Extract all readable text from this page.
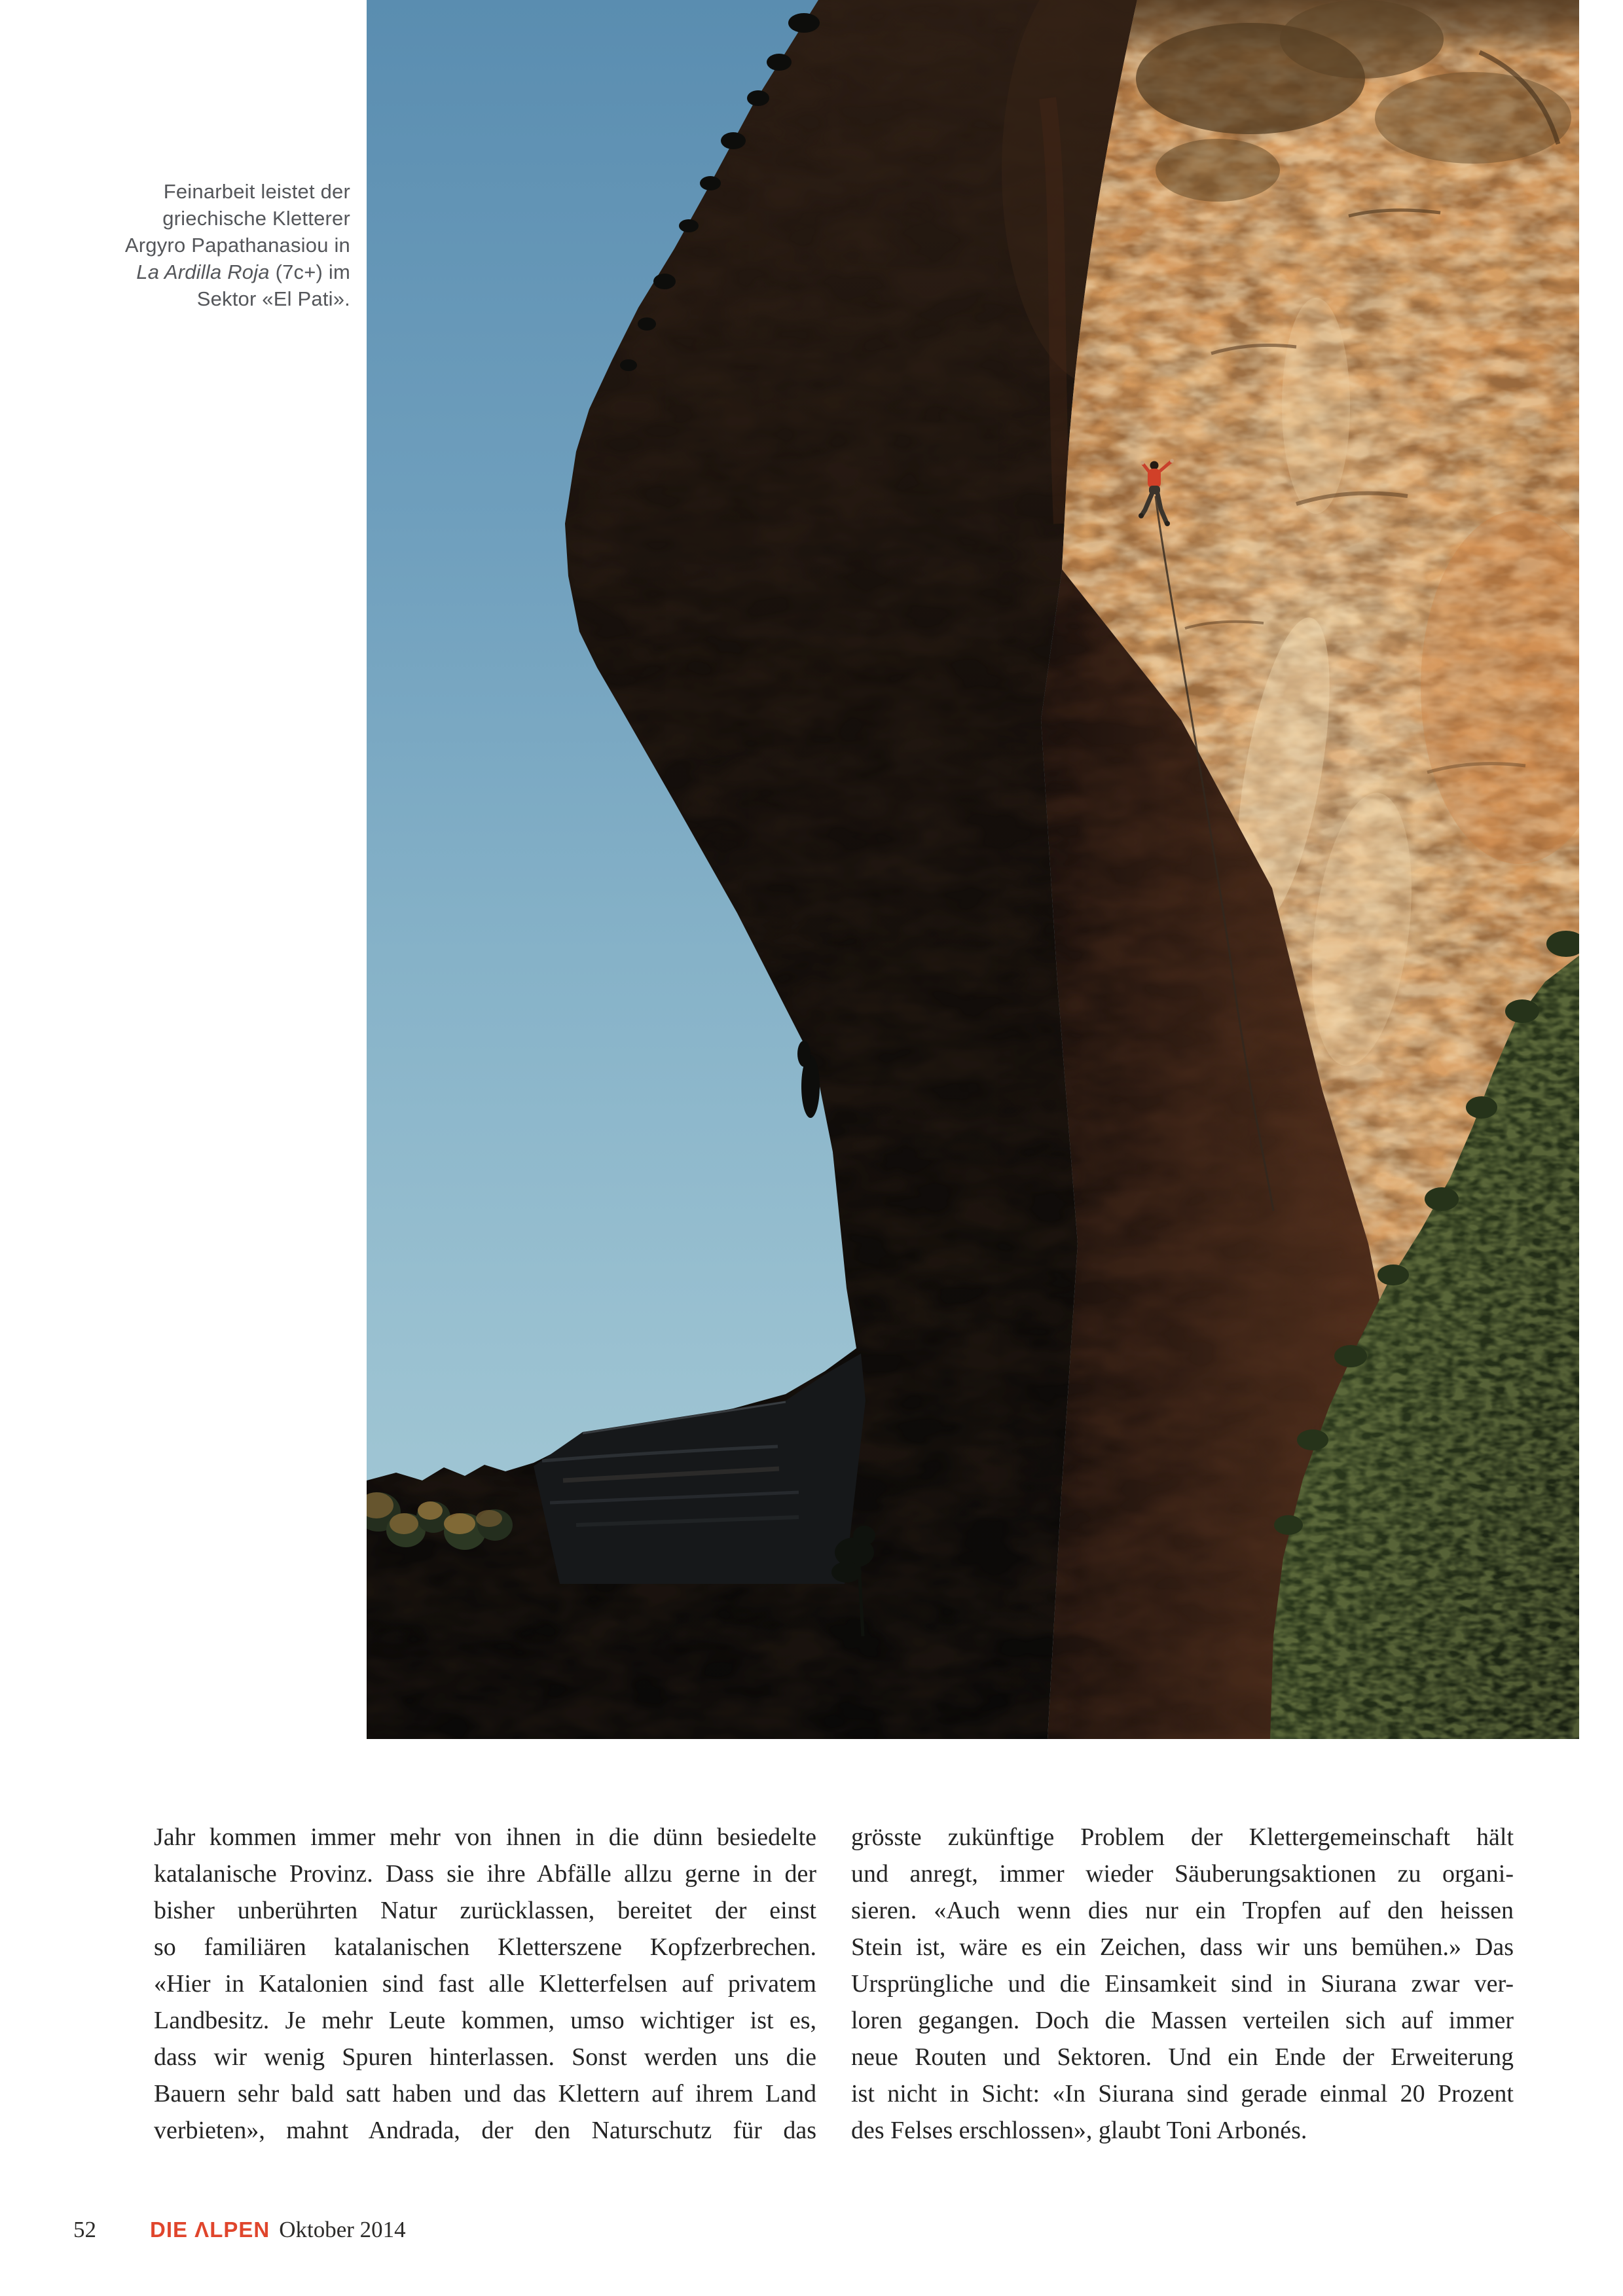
Feinarbeit leistet der
griechische Kletterer
Argyro Papathanasiou in
La Ardilla Roja (7c+) im
Sektor «El Pati».
Jahr kommen immer mehr von ihnen in die dünn besiedelte
katalanische Provinz. Dass sie ihre Abfälle allzu gerne in der
bisher unberührten Natur zurücklassen, bereitet der einst
so familiären katalanischen Kletterszene Kopfzerbrechen.
«Hier in Katalonien sind fast alle Kletterfelsen auf privatem
Landbesitz. Je mehr Leute kommen, umso wichtiger ist es,
dass wir wenig Spuren hinterlassen. Sonst werden uns die
Bauern sehr bald satt haben und das Klettern auf ihrem Land
verbieten», mahnt Andrada, der den Naturschutz für das
grösste zukünftige Problem der Klettergemeinschaft hält
und anregt, immer wieder Säuberungsaktionen zu organi-
sieren. «Auch wenn dies nur ein Tropfen auf den heissen
Stein ist, wäre es ein Zeichen, dass wir uns bemühen.» Das
Ursprüngliche und die Einsamkeit sind in Siurana zwar ver-
loren gegangen. Doch die Massen verteilen sich auf immer
neue Routen und Sektoren. Und ein Ende der Erweiterung
ist nicht in Sicht: «In Siurana sind gerade einmal 20 Prozent
des Felses erschlossen», glaubt Toni Arbonés.
52 DIE ΛLPEN Oktober 2014
